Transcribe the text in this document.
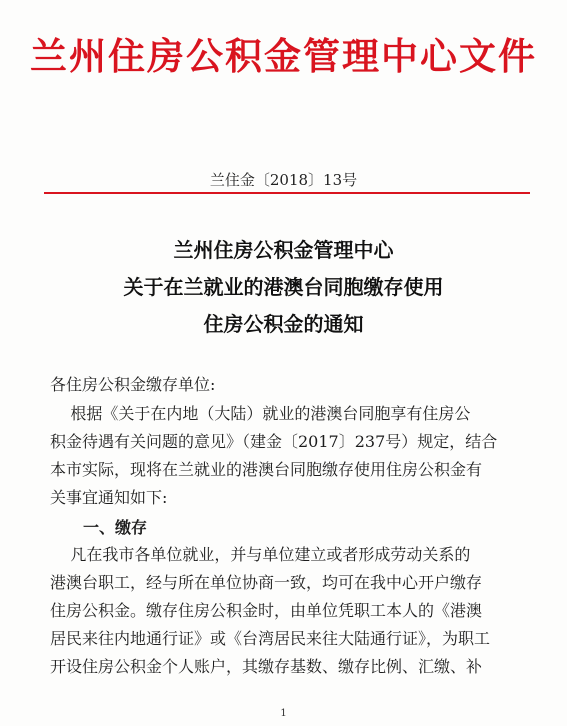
兰州住房公积金管理中心文件
兰住金〔2018〕13号
兰州住房公积金管理中心
关于在兰就业的港澳台同胞缴存使用
住房公积金的通知
各住房公积金缴存单位:
根据《关于在内地（大陆）就业的港澳台同胞享有住房公
积金待遇有关问题的意见》（建金〔2017〕237号）规定，结合
本市实际，现将在兰就业的港澳台同胞缴存使用住房公积金有
关事宜通知如下:
一、缴存
凡在我市各单位就业，并与单位建立或者形成劳动关系的
港澳台职工，经与所在单位协商一致，均可在我中心开户缴存
住房公积金。缴存住房公积金时，由单位凭职工本人的《港澳
居民来往内地通行证》或《台湾居民来往大陆通行证》，为职工
开设住房公积金个人账户，其缴存基数、缴存比例、汇缴、补
1
